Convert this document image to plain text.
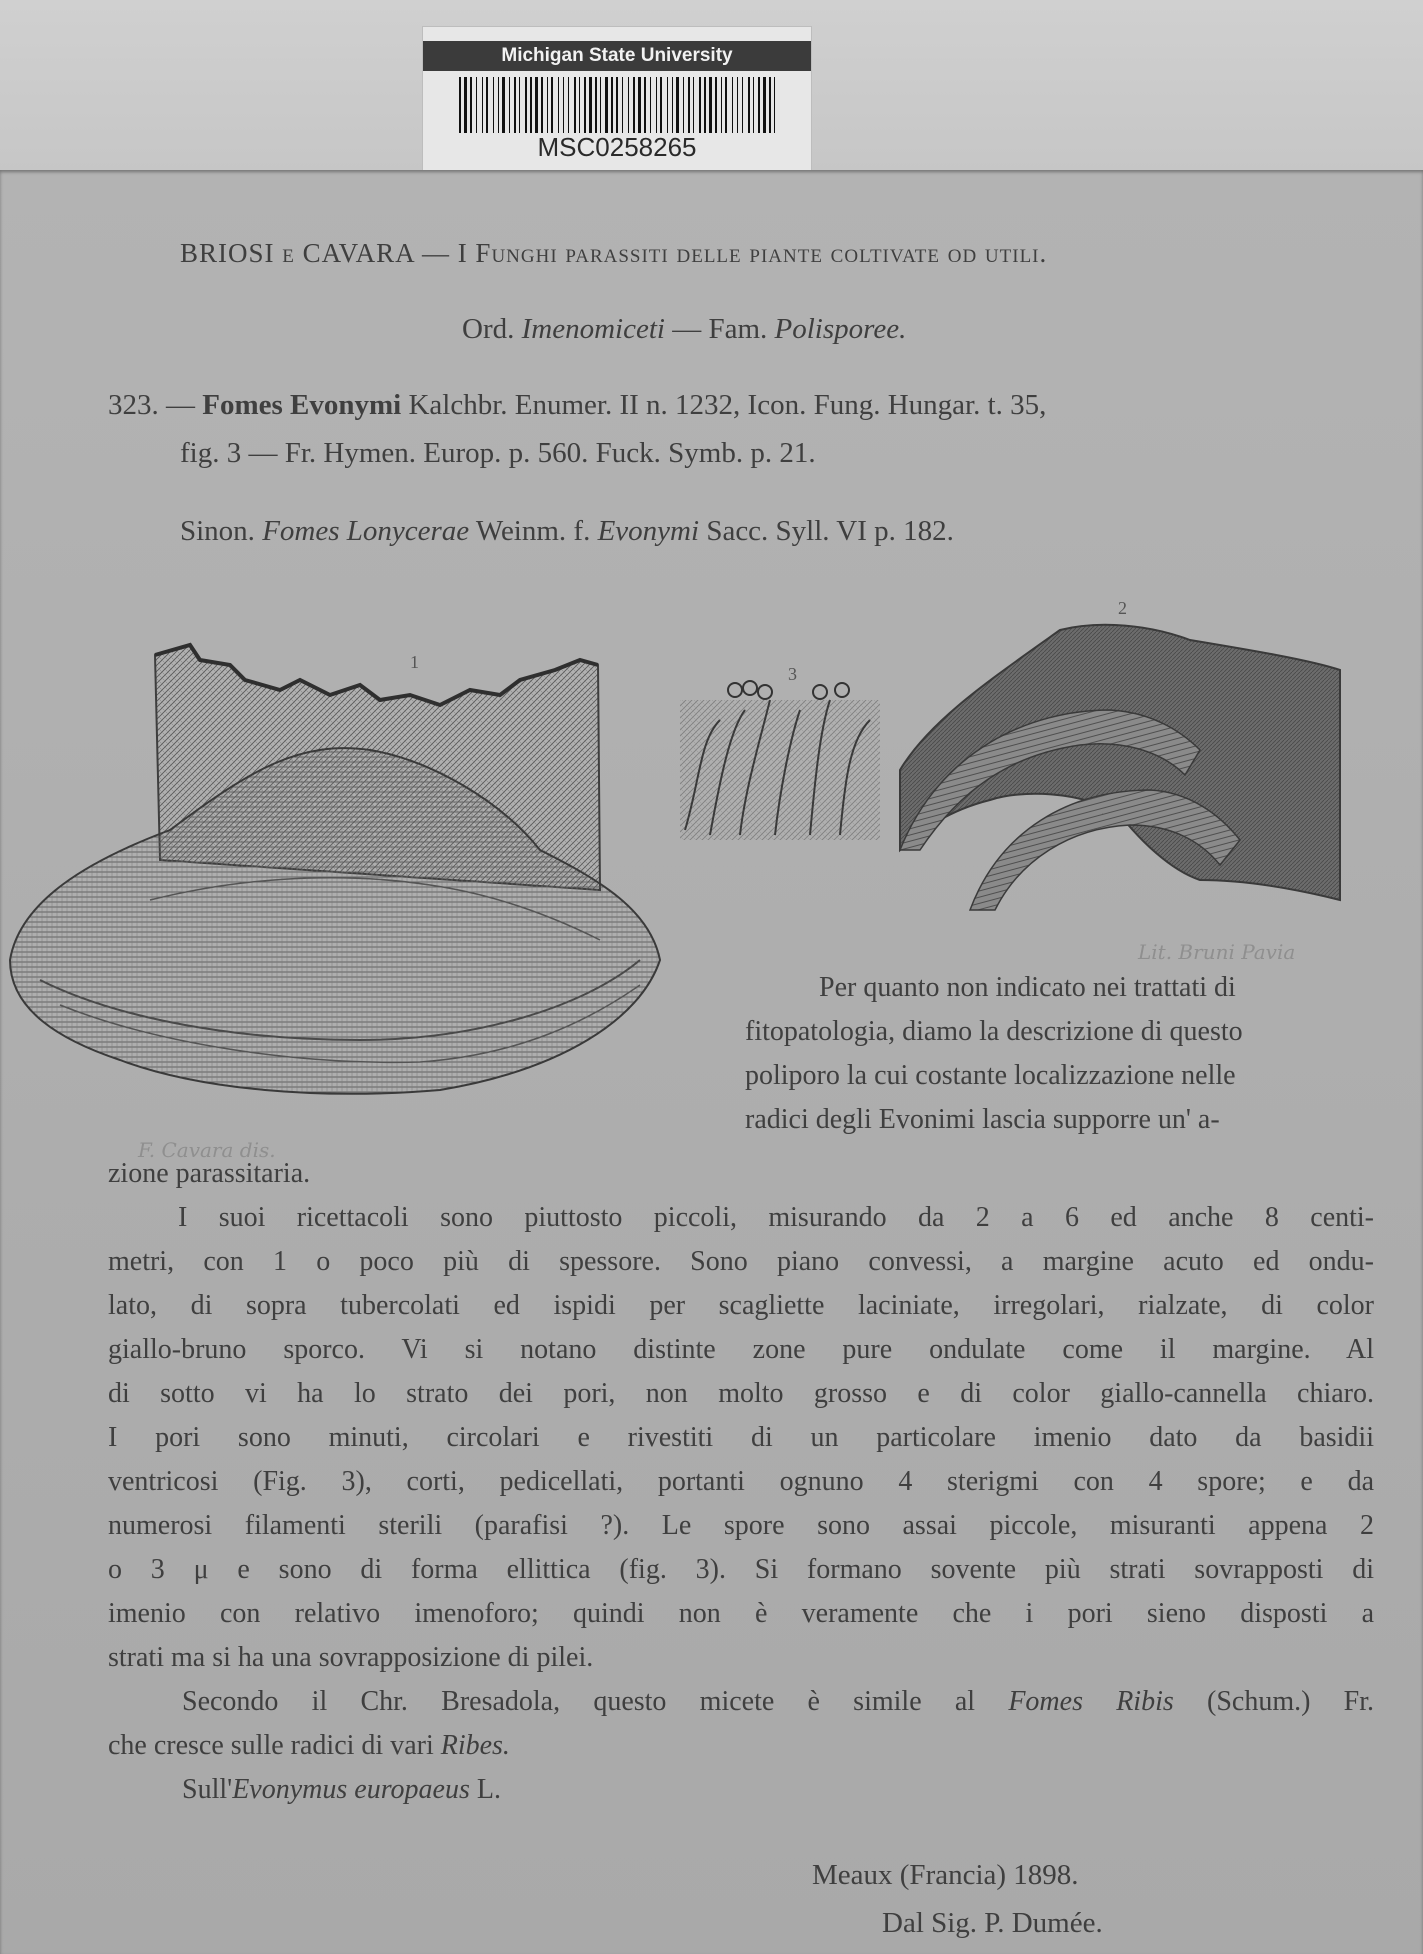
Michigan State University
MSC0258265
BRIOSI e CAVARA — I Funghi parassiti delle piante coltivate od utili.
Ord. Imenomiceti — Fam. Polisporee.
323. — Fomes Evonymi Kalchbr. Enumer. II n. 1232, Icon. Fung. Hungar. t. 35,
fig. 3 — Fr. Hymen. Europ. p. 560. Fuck. Symb. p. 21.
Sinon. Fomes Lonycerae Weinm. f. Evonymi Sacc. Syll. VI p. 182.
1
2
3
Lit. Bruni Pavia
F. Cavara dis.
Per quanto non indicato nei trattati di
fitopatologia, diamo la descrizione di questo
poliporo la cui costante localizzazione nelle
radici degli Evonimi lascia supporre un' a-
zione parassitaria.
I suoi ricettacoli sono piuttosto piccoli, misurando da 2 a 6 ed anche 8 centi-
metri, con 1 o poco più di spessore. Sono piano convessi, a margine acuto ed ondu-
lato, di sopra tubercolati ed ispidi per scagliette laciniate, irregolari, rialzate, di color
giallo-bruno sporco. Vi si notano distinte zone pure ondulate come il margine. Al
di sotto vi ha lo strato dei pori, non molto grosso e di color giallo-cannella chiaro.
I pori sono minuti, circolari e rivestiti di un particolare imenio dato da basidii
ventricosi (Fig. 3), corti, pedicellati, portanti ognuno 4 sterigmi con 4 spore; e da
numerosi filamenti sterili (parafisi ?). Le spore sono assai piccole, misuranti appena 2
o 3 μ e sono di forma ellittica (fig. 3). Si formano sovente più strati sovrapposti di
imenio con relativo imenoforo; quindi non è veramente che i pori sieno disposti a
strati ma si ha una sovrapposizione di pilei.
Secondo il Chr. Bresadola, questo micete è simile al Fomes Ribis (Schum.) Fr.
che cresce sulle radici di vari Ribes.
Sull'Evonymus europaeus L.
Meaux (Francia) 1898.
Dal Sig. P. Dumée.
